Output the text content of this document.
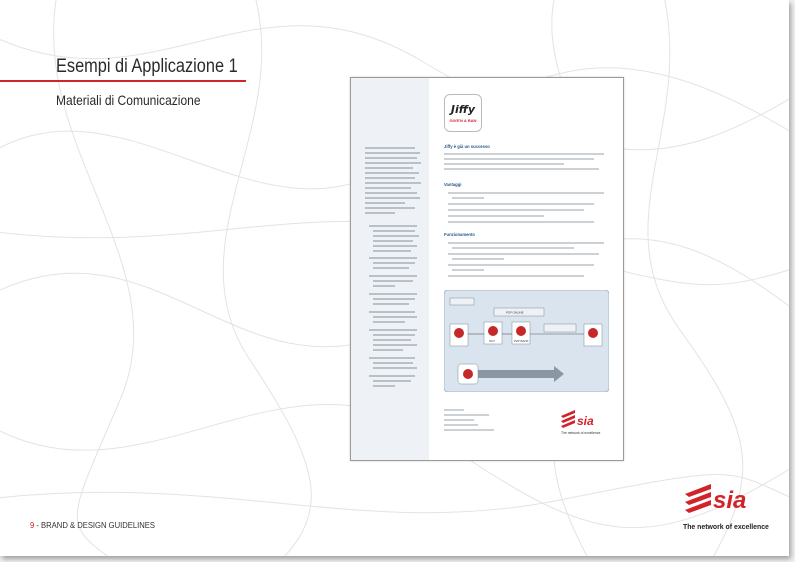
Esempi di Applicazione 1
Materiali di Comunicazione
Jiffy
GIVE'N A RAN
Jiffy è già un successo
Vantaggi
Funzionamento
P2P ONLINE
SCT	P2P BANK
sia
The network of excellence
9 - BRAND & DESIGN GUIDELINES
sia
The network of excellence
